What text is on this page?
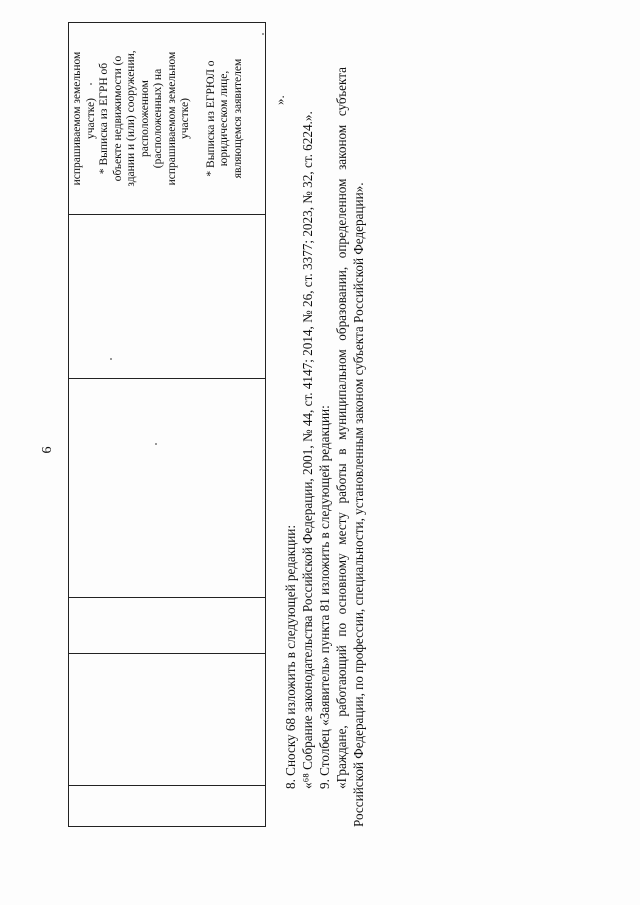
6

испрашиваемом земельном участке) * Выписка из ЕГРН об объекте недвижимости (о здании и (или) сооружении, расположенном (расположенных) на испрашиваемом земельном участке) * Выписка из ЕГРЮЛ о юридическом лице, являющемся заявителем ».

8. Сноску 68 изложить в следующей редакции: «⁶⁸ Собрание законодательства Российской Федерации, 2001, № 44, ст. 4147; 2014, № 26, ст. 3377; 2023, № 32, ст. 6224.». 9. Столбец «Заявитель» пункта 81 изложить в следующей редакции: «Граждане, работающий по основному месту работы в муниципальном образовании, определенном законом субъекта Российской Федерации, по профессии, специальности, установленным законом субъекта Российской Федерации».
